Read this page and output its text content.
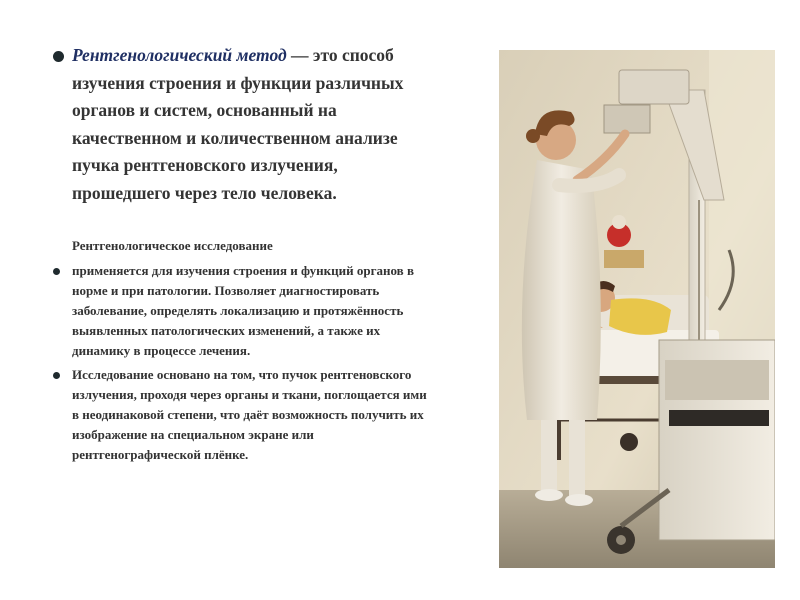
Рентгенологический метод — это способ
изучения строения и функции различных
органов и систем, основанный на
качественном и количественном анализе
пучка рентгеновского излучения,
прошедшего через тело человека.
Рентгенологическое исследование
применяется для изучения строения и функций органов в
норме и при патологии. Позволяет диагностировать
заболевание, определять локализацию и протяжённость
выявленных патологических изменений, а также их
динамику в процессе лечения.
Исследование основано на том, что пучок рентгеновского
излучения, проходя через органы и ткани, поглощается ими
в неодинаковой степени, что даёт возможность получить их
изображение на специальном экране или
рентгенографической плёнке.
